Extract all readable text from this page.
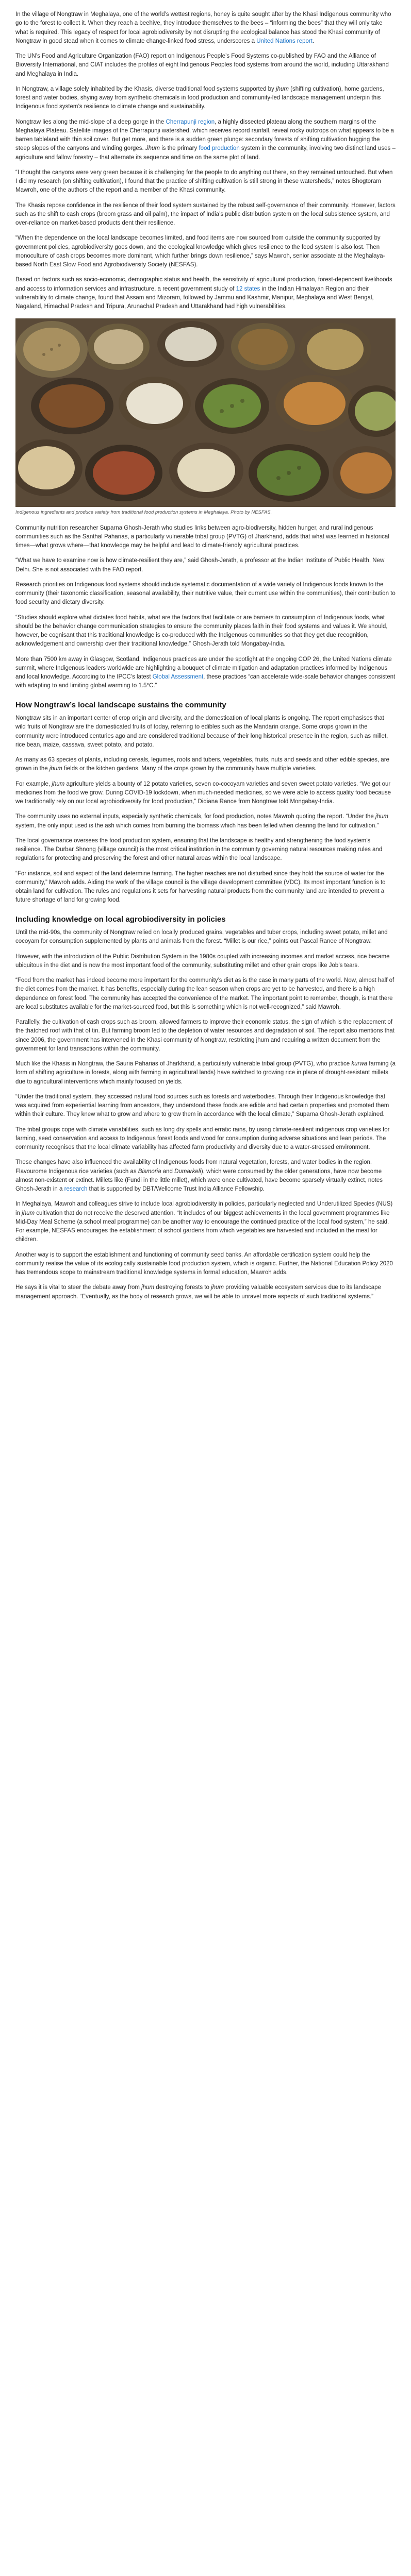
In the village of Nongtraw in Meghalaya, one of the world’s wettest regions, honey is quite sought after by the Khasi Indigenous community who go to the forest to collect it. When they reach a beehive, they introduce themselves to the bees – “informing the bees” that they will only take what is required. This legacy of respect for local agrobiodiversity by not disrupting the ecological balance has stood the Khasi community of Nongtraw in good stead when it comes to climate change-linked food stress, underscores a United Nations report.

The UN’s Food and Agriculture Organization (FAO) report on Indigenous People’s Food Systems co-published by FAO and the Alliance of Bioversity International, and CIAT includes the profiles of eight Indigenous Peoples food systems from around the world, including Uttarakhand and Meghalaya in India.

In Nongtraw, a village solely inhabited by the Khasis, diverse traditional food systems supported by jhum (shifting cultivation), home gardens, forest and water bodies, shying away from synthetic chemicals in food production and community-led landscape management underpin this Indigenous food system’s resilience to climate change and sustainability.

Nongtraw lies along the mid-slope of a deep gorge in the Cherrapunji region, a highly dissected plateau along the southern margins of the Meghalaya Plateau. Satellite images of the Cherrapunji watershed, which receives record rainfall, reveal rocky outcrops on what appears to be a barren tableland with thin soil cover. But get more, and there is a sudden green plunge: secondary forests of shifting cultivation hugging the steep slopes of the canyons and winding gorges. Jhum is the primary food production system in the community, involving two distinct land uses – agriculture and fallow forestry – that alternate its sequence and time on the same plot of land.

“I thought the canyons were very green because it is challenging for the people to do anything out there, so they remained untouched. But when I did my research (on shifting cultivation), I found that the practice of shifting cultivation is still strong in these watersheds,” notes Bhogtoram Mawroh, one of the authors of the report and a member of the Khasi community.

The Khasis repose confidence in the resilience of their food system sustained by the robust self-governance of their community. However, factors such as the shift to cash crops (broom grass and oil palm), the impact of India’s public distribution system on the local subsistence system, and over-reliance on market-based products dent their resilience.

“When the dependence on the local landscape becomes limited, and food items are now sourced from outside the community supported by government policies, agrobiodiversity goes down, and the ecological knowledge which gives resilience to the food system is also lost. Then monoculture of cash crops becomes more dominant, which further brings down resilience,” says Mawroh, senior associate at the Meghalaya-based North East Slow Food and Agrobiodiversity Society (NESFAS).

Based on factors such as socio-economic, demographic status and health, the sensitivity of agricultural production, forest-dependent livelihoods and access to information services and infrastructure, a recent government study of 12 states in the Indian Himalayan Region and their vulnerability to climate change, found that Assam and Mizoram, followed by Jammu and Kashmir, Manipur, Meghalaya and West Bengal, Nagaland, Himachal Pradesh and Tripura, Arunachal Pradesh and Uttarakhand had high vulnerabilities.

Indigenous ingredients and produce variety from traditional food production systems in Meghalaya. Photo by NESFAS.

Community nutrition researcher Suparna Ghosh-Jerath who studies links between agro-biodiversity, hidden hunger, and rural indigenous communities such as the Santhal Paharias, a particularly vulnerable tribal group (PVTG) of Jharkhand, adds that what was learned in historical times—what grows where—that knowledge may be helpful and lead to climate-friendly agricultural practices.

“What we have to examine now is how climate-resilient they are,” said Ghosh-Jerath, a professor at the Indian Institute of Public Health, New Delhi. She is not associated with the FAO report.

Research priorities on Indigenous food systems should include systematic documentation of a wide variety of Indigenous foods known to the community (their taxonomic classification, seasonal availability, their nutritive value, their current use within the communities), their contribution to food security and dietary diversity.

“Studies should explore what dictates food habits, what are the factors that facilitate or are barriers to consumption of Indigenous foods, what should be the behavior change communication strategies to ensure the community places faith in their food systems and values it. We should, however, be cognisant that this traditional knowledge is co-produced with the Indigenous communities so that they get due recognition, acknowledgement and ownership over their traditional knowledge,” Ghosh-Jerath told Mongabay-India.

More than 7500 km away in Glasgow, Scotland, Indigenous practices are under the spotlight at the ongoing COP 26, the United Nations climate summit, where Indigenous leaders worldwide are highlighting a bouquet of climate mitigation and adaptation practices informed by Indigenous and local knowledge. According to the IPCC’s latest Global Assessment, these practices “can accelerate wide-scale behavior changes consistent with adapting to and limiting global warming to 1.5°C.”

How Nongtraw’s local landscape sustains the community

Nongtraw sits in an important center of crop origin and diversity, and the domestication of local plants is ongoing. The report emphasises that wild fruits of Nongtraw are the domesticated fruits of today, referring to edibles such as the Mandarin orange. Some crops grown in the community were introduced centuries ago and are considered traditional because of their long historical presence in the region, such as millet, rice bean, maize, cassava, sweet potato, and potato.

As many as 63 species of plants, including cereals, legumes, roots and tubers, vegetables, fruits, nuts and seeds and other edible species, are grown in the jhum fields or the kitchen gardens. Many of the crops grown by the community have multiple varieties.

For example, jhum agriculture yields a bounty of 12 potato varieties, seven co-cocoyam varieties and seven sweet potato varieties. “We got our medicines from the food we grow. During COVID-19 lockdown, when much-needed medicines, so we were able to access quality food because we traditionally rely on our local agrobiodiversity for food production,” Didiana Rance from Nongtraw told Mongabay-India.

The community uses no external inputs, especially synthetic chemicals, for food production, notes Mawroh quoting the report. “Under the jhum system, the only input used is the ash which comes from burning the biomass which has been felled when clearing the land for cultivation.”

The local governance oversees the food production system, ensuring that the landscape is healthy and strengthening the food system’s resilience. The Durbar Shnong (village council) is the most critical institution in the community governing natural resources making rules and regulations for protecting and preserving the forest and other natural areas within the local landscape.

“For instance, soil and aspect of the land determine farming. The higher reaches are not disturbed since they hold the source of water for the community,” Mawroh adds. Aiding the work of the village council is the village development committee (VDC). Its most important function is to obtain land for cultivation. The rules and regulations it sets for harvesting natural products from the community land are intended to prevent a future shortage of land for growing food.

Including knowledge on local agrobiodiversity in policies

Until the mid-90s, the community of Nongtraw relied on locally produced grains, vegetables and tuber crops, including sweet potato, millet and cocoyam for consumption supplemented by plants and animals from the forest. “Millet is our rice,” points out Pascal Ranee of Nongtraw.

However, with the introduction of the Public Distribution System in the 1980s coupled with increasing incomes and market access, rice became ubiquitous in the diet and is now the most important food of the community, substituting millet and other grain crops like Job’s tears.

“Food from the market has indeed become more important for the community’s diet as is the case in many parts of the world. Now, almost half of the diet comes from the market. It has benefits, especially during the lean season when crops are yet to be harvested, and there is a high dependence on forest food. The community has accepted the convenience of the market. The important point to remember, though, is that there are local substitutes available for the market-sourced food, but this is something which is not well-recognized,” said Mawroh.

Parallelly, the cultivation of cash crops such as broom, allowed farmers to improve their economic status, the sign of which is the replacement of the thatched roof with that of tin. But farming broom led to the depletion of water resources and degradation of soil. The report also mentions that since 2006, the government has intervened in the Khasi community of Nongtraw, restricting jhum and requiring a written document from the government for land transactions within the community.

Much like the Khasis in Nongtraw, the Sauria Paharias of Jharkhand, a particularly vulnerable tribal group (PVTG), who practice kurwa farming (a form of shifting agriculture in forests, along with farming in agricultural lands) have switched to growing rice in place of drought-resistant millets due to agricultural interventions which mainly focused on yields.

“Under the traditional system, they accessed natural food sources such as forests and waterbodies. Through their Indigenous knowledge that was acquired from experiential learning from ancestors, they understood these foods are edible and had certain properties and promoted them within their culture. They knew what to grow and where to grow them in accordance with the local climate,” Suparna Ghosh-Jerath explained.

The tribal groups cope with climate variabilities, such as long dry spells and erratic rains, by using climate-resilient indigenous crop varieties for farming, seed conservation and access to Indigenous forest foods and wood for consumption during adverse situations and lean periods. The community recognises that the local climate variability has affected farm productivity and diversity due to a water-stressed environment.

These changes have also influenced the availability of Indigenous foods from natural vegetation, forests, and water bodies in the region. Flavourome Indigenous rice varieties (such as Bismoria and Dumarkeli), which were consumed by the older generations, have now become almost non-existent or extinct. Millets like (Fundi in the little millet), which were once cultivated, have become sparsely virtually extinct, notes Ghosh-Jerath in a research that is supported by DBT/Wellcome Trust India Alliance Fellowship.

In Meghalaya, Mawroh and colleagues strive to include local agrobiodiversity in policies, particularly neglected and Underutilized Species (NUS) in jhum cultivation that do not receive the deserved attention. “It includes of our biggest achievements in the local government programmes like Mid-Day Meal Scheme (a school meal programme) can be another way to encourage the continued practice of the local food system,” he said. For example, NESFAS encourages the establishment of school gardens from which vegetables are harvested and included in the meal for children.

Another way is to support the establishment and functioning of community seed banks. An affordable certification system could help the community realise the value of its ecologically sustainable food production system, which is organic. Further, the National Education Policy 2020 has tremendous scope to mainstream traditional knowledge systems in formal education, Mawroh adds.

He says it is vital to steer the debate away from jhum destroying forests to jhum providing valuable ecosystem services due to its landscape management approach. “Eventually, as the body of research grows, we will be able to unravel more aspects of such traditional systems.”
